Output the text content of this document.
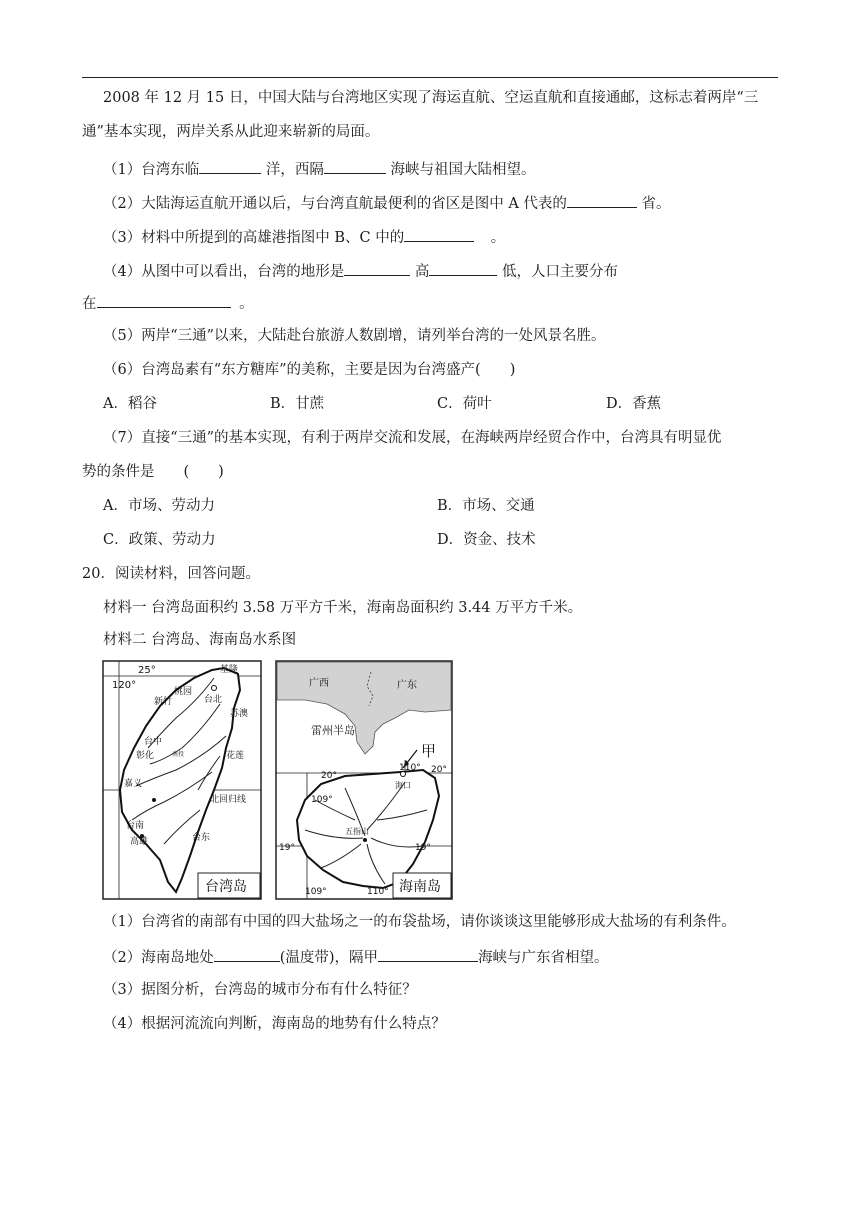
2008 年 12 月 15 日，中国大陆与台湾地区实现了海运直航、空运直航和直接通邮，这标志着两岸“三
通”基本实现，两岸关系从此迎来崭新的局面。
（1）台湾东临	洋，西隔	海峡与祖国大陆相望。
（2）大陆海运直航开通以后，与台湾直航最便利的省区是图中 A 代表的	省。
（3）材料中所提到的高雄港指图中 B、C 中的	。
（4）从图中可以看出，台湾的地形是	高	低，人口主要分布
在	。
（5）两岸“三通”以来，大陆赴台旅游人数剧增，请列举台湾的一处风景名胜。
（6）台湾岛素有“东方糖库”的美称，主要是因为台湾盛产(　　)
A．稻谷	B．甘蔗	C．荷叶	D．香蕉
（7）直接“三通”的基本实现，有利于两岸交流和发展，在海峡两岸经贸合作中，台湾具有明显优
势的条件是　　(　　)
A．市场、劳动力	B．市场、交通
C．政策、劳动力	D．资金、技术
20．阅读材料，回答问题。
材料一 台湾岛面积约 3.58 万平方千米，海南岛面积约 3.44 万平方千米。
材料二 台湾岛、海南岛水系图
25°
120°
基隆
台北
桃园
新竹
苏澳
台中
彰化	南投	花莲
嘉义
台南
高雄	台东
北回归线
台湾岛
广西	广东
雷州半岛
甲
20°
110° 20°
109°
19°	19°
109°	110°
海口
五指山
海南岛
（1）台湾省的南部有中国的四大盐场之一的布袋盐场，请你谈谈这里能够形成大盐场的有利条件。
（2）海南岛地处	(温度带)，隔甲	海峡与广东省相望。
（3）据图分析，台湾岛的城市分布有什么特征？
（4）根据河流流向判断，海南岛的地势有什么特点？
